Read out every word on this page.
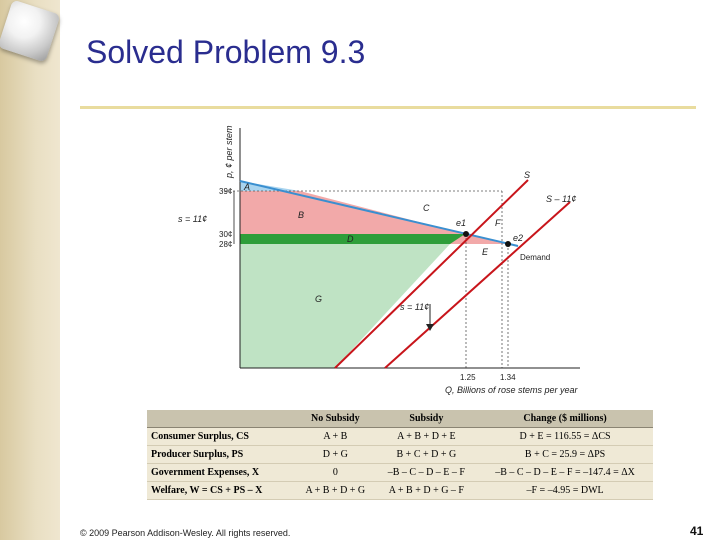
Solved Problem 9.3
p, ¢ per stem
39¢
30¢
28¢
s = 11¢
A
B
C
D
E
F
G
S
S – 11¢
Demand
e1
e2
s = 11¢
1.25	1.34
Q, Billions of rose stems per year
	No Subsidy	Subsidy	Change ($ millions)
Consumer Surplus, CS	A + B	A + B + D + E	D + E = 116.55 = ΔCS
Producer Surplus, PS	D + G	B + C + D + G	B + C = 25.9 = ΔPS
Government Expenses, X	0	–B – C – D – E – F	–B – C – D – E – F = –147.4 = ΔX
Welfare, W = CS + PS – X	A + B + D + G	A + B + D + G – F	–F = –4.95 = DWL
© 2009 Pearson Addison-Wesley. All rights reserved.	41
